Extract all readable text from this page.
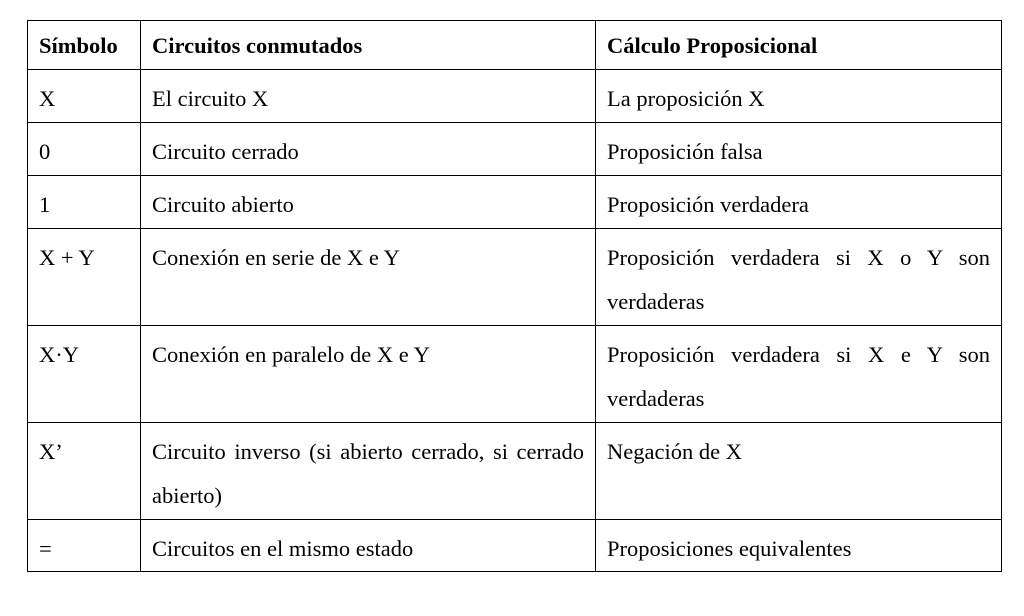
Símbolo	Circuitos conmutados	Cálculo Proposicional
X	El circuito X	La proposición X
0	Circuito cerrado	Proposición falsa
1	Circuito abierto	Proposición verdadera
X + Y	Conexión en serie de X e Y	Proposición verdadera si X o Y son verdaderas
X·Y	Conexión en paralelo de X e Y	Proposición verdadera si X e Y son verdaderas
X’	Circuito inverso (si abierto cerrado, si cerrado abierto)	Negación de X
=	Circuitos en el mismo estado	Proposiciones equivalentes
